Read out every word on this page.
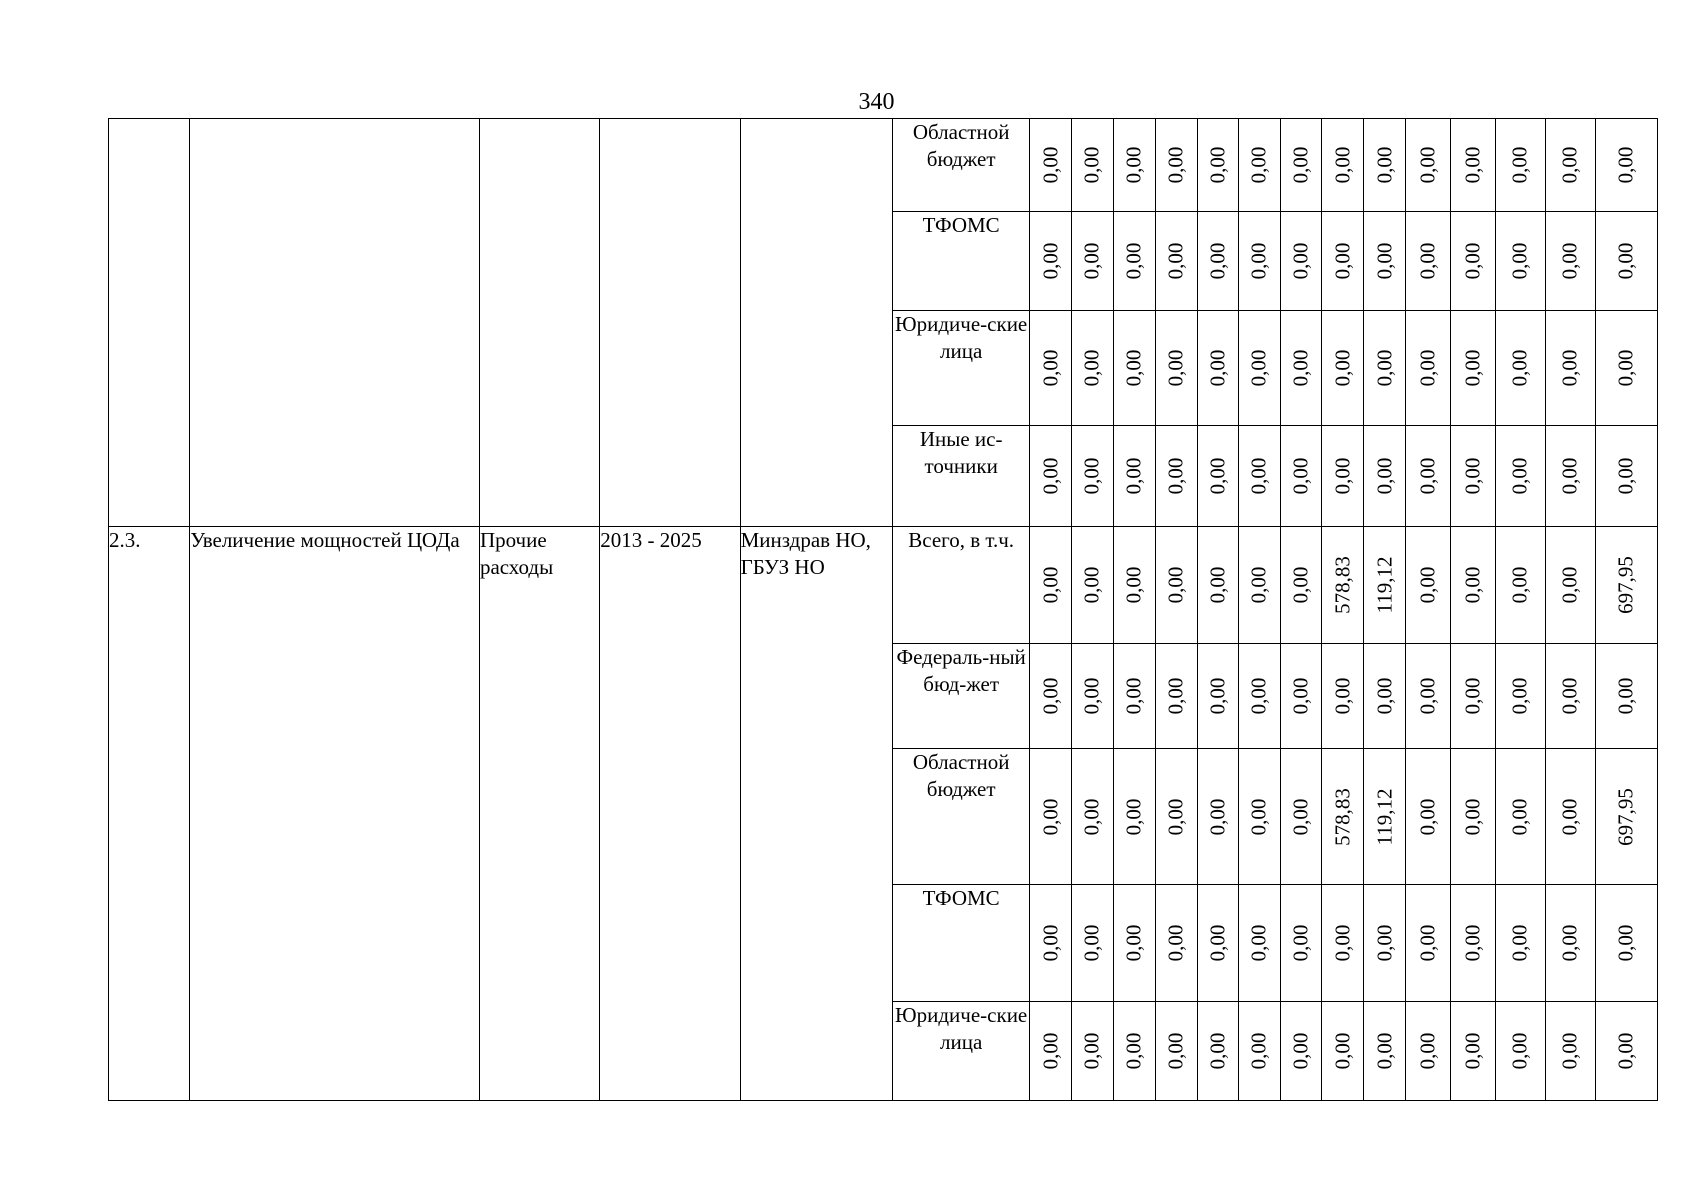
340
					Областной бюджет	0,00	0,00	0,00	0,00	0,00	0,00	0,00	0,00	0,00	0,00	0,00	0,00	0,00	0,00

					ТФОМС	0,00	0,00	0,00	0,00	0,00	0,00	0,00	0,00	0,00	0,00	0,00	0,00	0,00	0,00

					Юридиче-ские лица	0,00	0,00	0,00	0,00	0,00	0,00	0,00	0,00	0,00	0,00	0,00	0,00	0,00	0,00

					Иные ис-точники	0,00	0,00	0,00	0,00	0,00	0,00	0,00	0,00	0,00	0,00	0,00	0,00	0,00	0,00

2.3.	Увеличение мощностей ЦОДа	Прочие расходы	2013 - 2025	Минздрав НО, ГБУЗ НО	Всего, в т.ч.	0,00	0,00	0,00	0,00	0,00	0,00	0,00	578,83	119,12	0,00	0,00	0,00	0,00	697,95

					Федераль-ный бюд-жет	0,00	0,00	0,00	0,00	0,00	0,00	0,00	0,00	0,00	0,00	0,00	0,00	0,00	0,00

					Областной бюджет	0,00	0,00	0,00	0,00	0,00	0,00	0,00	578,83	119,12	0,00	0,00	0,00	0,00	697,95

					ТФОМС	0,00	0,00	0,00	0,00	0,00	0,00	0,00	0,00	0,00	0,00	0,00	0,00	0,00	0,00

					Юридиче-ские лица	0,00	0,00	0,00	0,00	0,00	0,00	0,00	0,00	0,00	0,00	0,00	0,00	0,00	0,00
